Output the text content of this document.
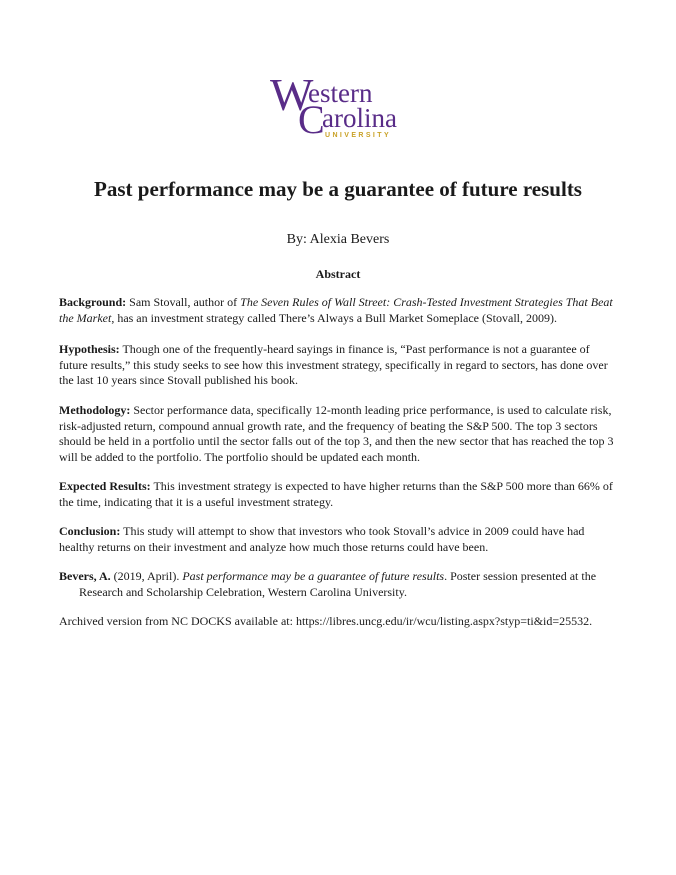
W
estern
C
arolina
UNIVERSITY
Past performance may be a guarantee of future results
By: Alexia Bevers
Abstract
Background: Sam Stovall, author of The Seven Rules of Wall Street: Crash-Tested Investment Strategies That Beat the Market, has an investment strategy called There’s Always a Bull Market Someplace (Stovall, 2009).
Hypothesis: Though one of the frequently-heard sayings in finance is, “Past performance is not a guarantee of future results,” this study seeks to see how this investment strategy, specifically in regard to sectors, has done over the last 10 years since Stovall published his book.
Methodology: Sector performance data, specifically 12-month leading price performance, is used to calculate risk, risk-adjusted return, compound annual growth rate, and the frequency of beating the S&P 500. The top 3 sectors should be held in a portfolio until the sector falls out of the top 3, and then the new sector that has reached the top 3 will be added to the portfolio. The portfolio should be updated each month.
Expected Results: This investment strategy is expected to have higher returns than the S&P 500 more than 66% of the time, indicating that it is a useful investment strategy.
Conclusion: This study will attempt to show that investors who took Stovall’s advice in 2009 could have had healthy returns on their investment and analyze how much those returns could have been.
Bevers, A. (2019, April). Past performance may be a guarantee of future results. Poster session presented at the
Research and Scholarship Celebration, Western Carolina University.
Archived version from NC DOCKS available at: https://libres.uncg.edu/ir/wcu/listing.aspx?styp=ti&id=25532.
